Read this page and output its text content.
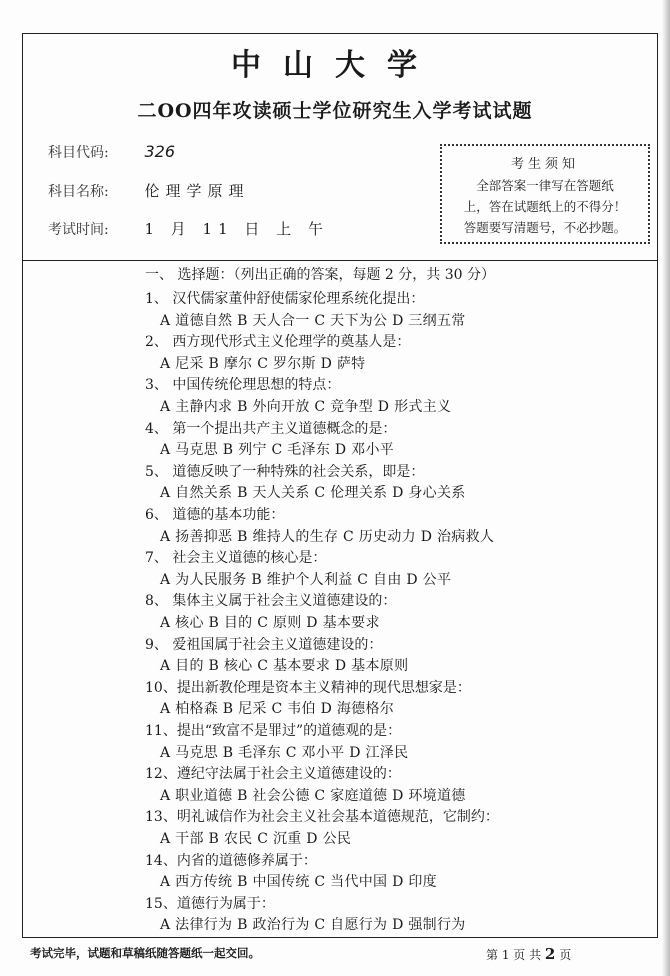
中山大学
二OO四年攻读硕士学位研究生入学考试试题
科目代码: 326
科目名称: 伦理学原理
考试时间: 1 月 11 日 上 午
考生须知
全部答案一律写在答题纸
上，答在试题纸上的不得分！
答题要写清题号，不必抄题。
一、 选择题：（列出正确的答案，每题 2 分，共 30 分）
1、 汉代儒家董仲舒使儒家伦理系统化提出：
A 道德自然 B 天人合一 C 天下为公 D 三纲五常
2、 西方现代形式主义伦理学的奠基人是：
A 尼采 B 摩尔 C 罗尔斯 D 萨特
3、 中国传统伦理思想的特点：
A 主静内求 B 外向开放 C 竞争型 D 形式主义
4、 第一个提出共产主义道德概念的是：
A 马克思 B 列宁 C 毛泽东 D 邓小平
5、 道德反映了一种特殊的社会关系，即是：
A 自然关系 B 天人关系 C 伦理关系 D 身心关系
6、 道德的基本功能：
A 扬善抑恶 B 维持人的生存 C 历史动力 D 治病救人
7、 社会主义道德的核心是：
A 为人民服务 B 维护个人利益 C 自由 D 公平
8、 集体主义属于社会主义道德建设的：
A 核心 B 目的 C 原则 D 基本要求
9、 爱祖国属于社会主义道德建设的：
A 目的 B 核心 C 基本要求 D 基本原则
10、提出新教伦理是资本主义精神的现代思想家是：
A 柏格森 B 尼采 C 韦伯 D 海德格尔
11、提出“致富不是罪过”的道德观的是：
A 马克思 B 毛泽东 C 邓小平 D 江泽民
12、遵纪守法属于社会主义道德建设的：
A 职业道德 B 社会公德 C 家庭道德 D 环境道德
13、明礼诚信作为社会主义社会基本道德规范，它制约：
A 干部 B 农民 C 沉重 D 公民
14、内省的道德修养属于：
A 西方传统 B 中国传统 C 当代中国 D 印度
15、道德行为属于：
A 法律行为 B 政治行为 C 自愿行为 D 强制行为
考试完毕，试题和草稿纸随答题纸一起交回。	第 1 页 共 2 页
